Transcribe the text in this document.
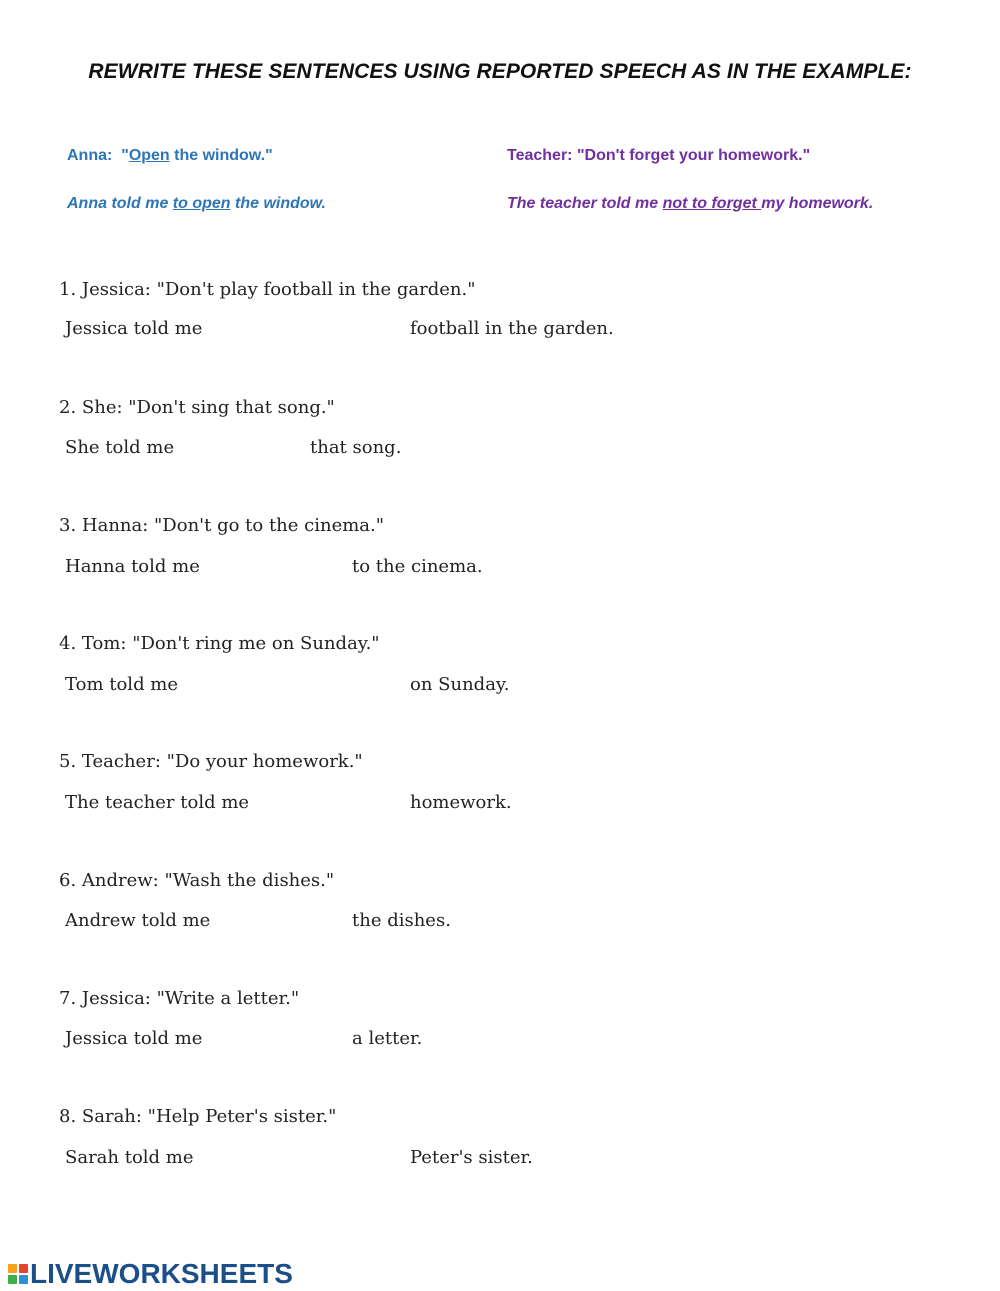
REWRITE THESE SENTENCES USING REPORTED SPEECH AS IN THE EXAMPLE:
Anna:  "Open the window."
Anna told me to open the window.
Teacher: "Don't forget your homework."
The teacher told me not to forget my homework.
1. Jessica: "Don't play football in the garden."
Jessica told me	football in the garden.
2. She: "Don't sing that song."
She told me	that song.
3. Hanna: "Don't go to the cinema."
Hanna told me	to the cinema.
4. Tom: "Don't ring me on Sunday."
Tom told me	on Sunday.
5. Teacher: "Do your homework."
The teacher told me	homework.
6. Andrew: "Wash the dishes."
Andrew told me	the dishes.
7. Jessica: "Write a letter."
Jessica told me	a letter.
8. Sarah: "Help Peter's sister."
Sarah told me	Peter's sister.
LIVEWORKSHEETS
